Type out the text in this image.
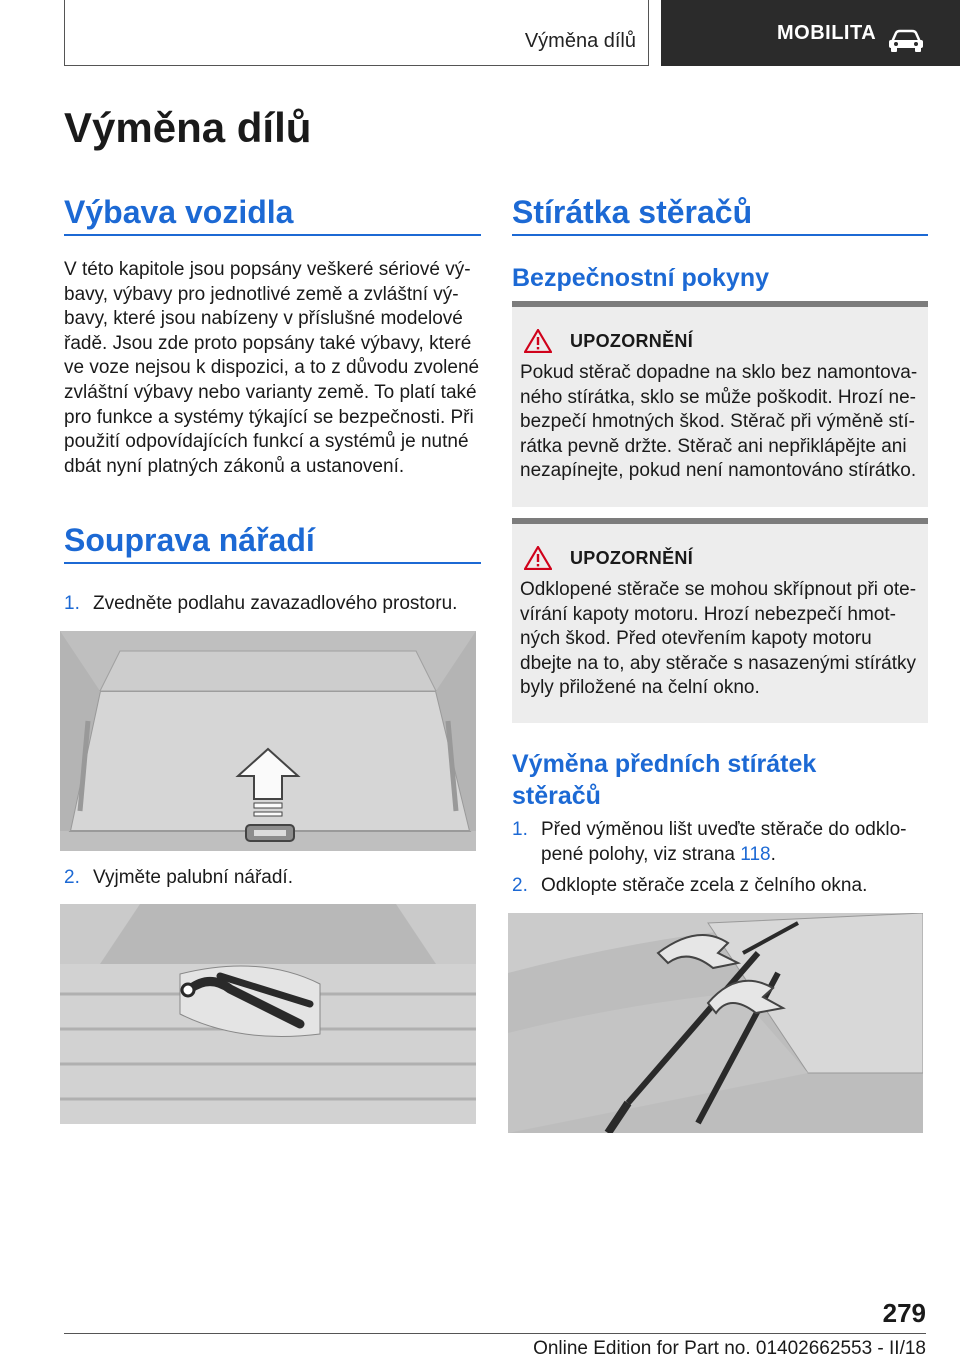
Výměna dílů	MOBILITA
Výměna dílů
Výbava vozidla
V této kapitole jsou popsány veškeré sériové vý-
bavy, výbavy pro jednotlivé země a zvláštní vý-
bavy, které jsou nabízeny v příslušné modelové
řadě. Jsou zde proto popsány také výbavy, které
ve voze nejsou k dispozici, a to z důvodu zvolené
zvláštní výbavy nebo varianty země. To platí také
pro funkce a systémy týkající se bezpečnosti. Při
použití odpovídajících funkcí a systémů je nutné
dbát nyní platných zákonů a ustanovení.
Souprava nářadí
1. Zvedněte podlahu zavazadlového prostoru.
2. Vyjměte palubní nářadí.
Stírátka stěračů
Bezpečnostní pokyny
UPOZORNĚNÍ
Pokud stěrač dopadne na sklo bez namontova-
ného stírátka, sklo se může poškodit. Hrozí ne-
bezpečí hmotných škod. Stěrač při výměně stí-
rátka pevně držte. Stěrač ani nepřiklápějte ani
nezapínejte, pokud není namontováno stírátko.
UPOZORNĚNÍ
Odklopené stěrače se mohou skřípnout při ote-
vírání kapoty motoru. Hrozí nebezpečí hmot-
ných škod. Před otevřením kapoty motoru
dbejte na to, aby stěrače s nasazenými stírátky
byly přiložené na čelní okno.
Výměna předních stírátek
stěračů
1. Před výměnou lišt uveďte stěrače do odklo-
pené polohy, viz strana 118.
2. Odklopte stěrače zcela z čelního okna.
279
Online Edition for Part no. 01402662553 - II/18
